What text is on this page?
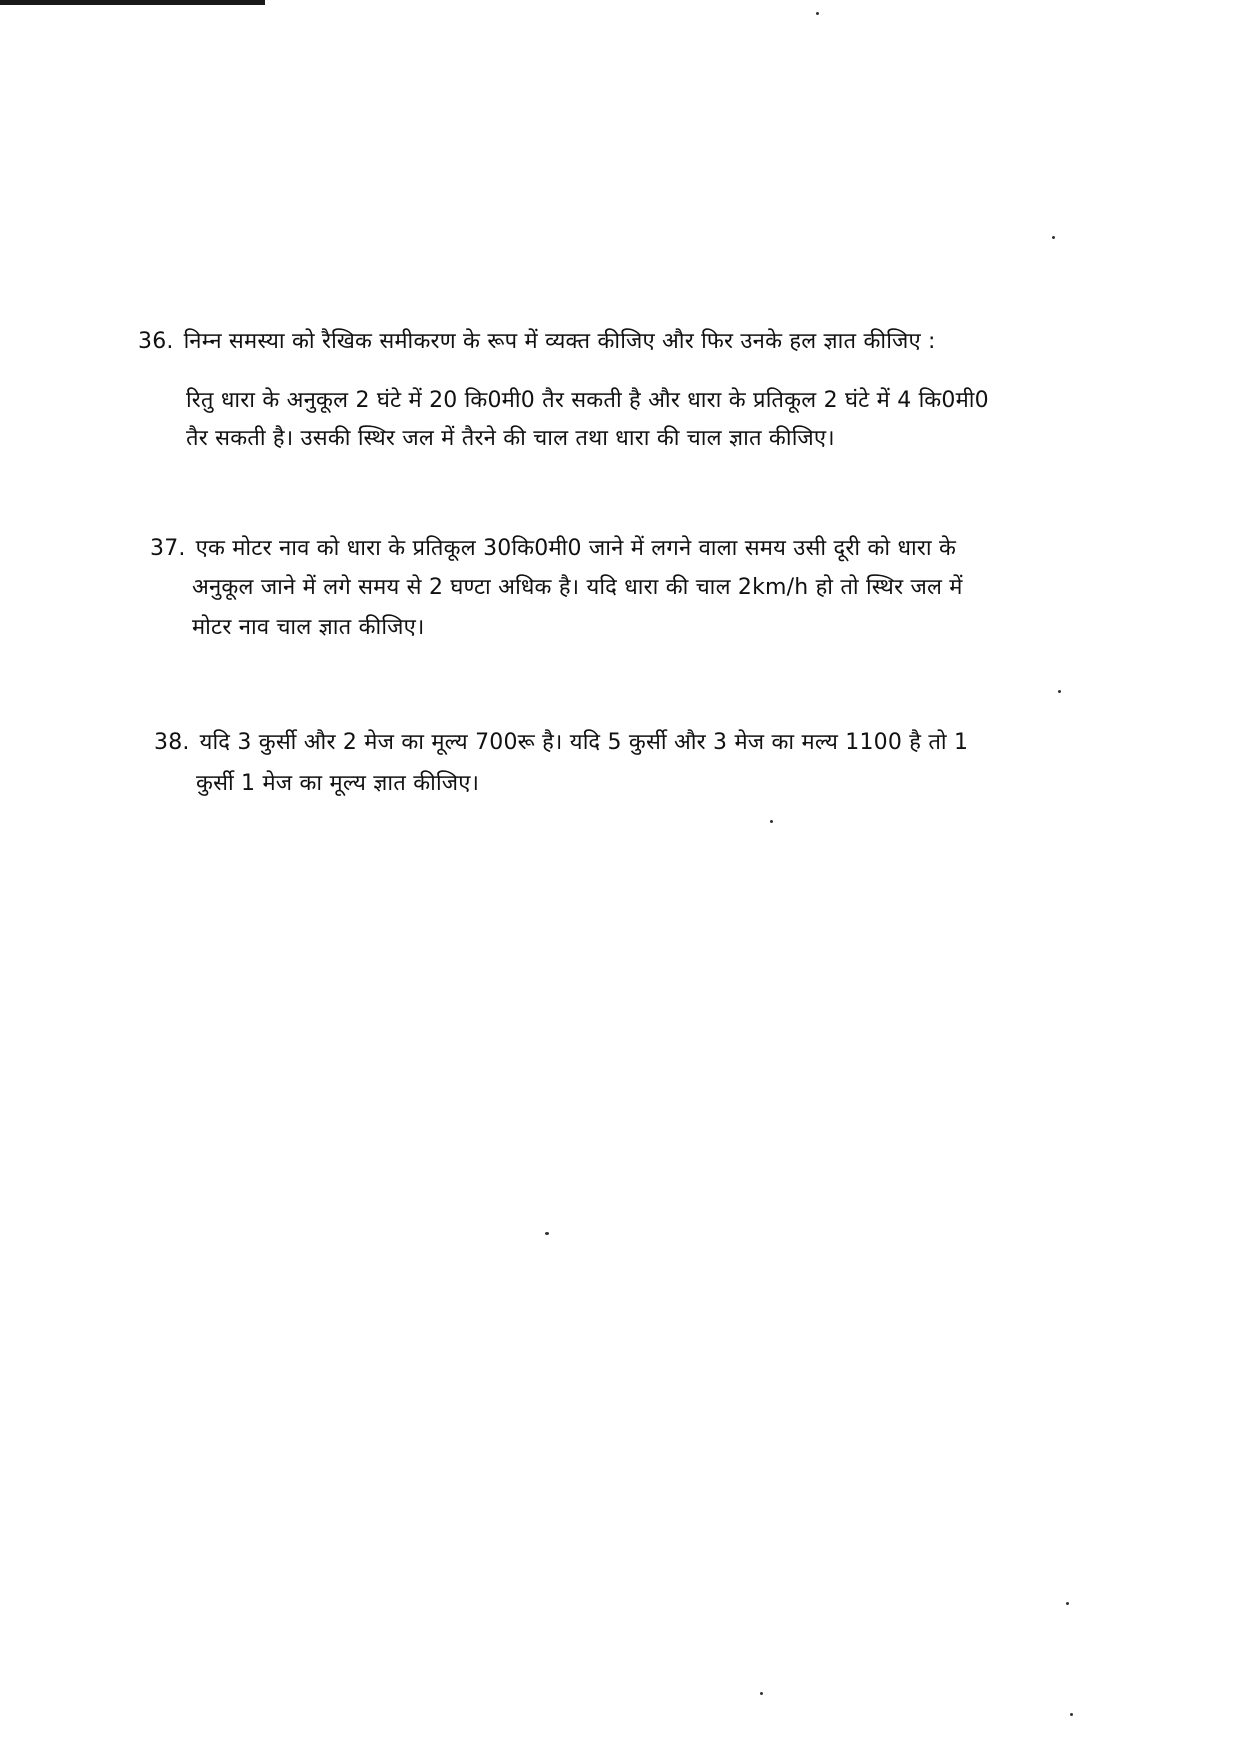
36. निम्न समस्या को रैखिक समीकरण के रूप में व्यक्त कीजिए और फिर उनके हल ज्ञात कीजिए :
रितु धारा के अनुकूल 2 घंटे में 20 कि0मी0 तैर सकती है और धारा के प्रतिकूल 2 घंटे में 4 कि0मी0
तैर सकती है। उसकी स्थिर जल में तैरने की चाल तथा धारा की चाल ज्ञात कीजिए।
37. एक मोटर नाव को धारा के प्रतिकूल 30कि0मी0 जाने में लगने वाला समय उसी दूरी को धारा के
अनुकूल जाने में लगे समय से 2 घण्टा अधिक है। यदि धारा की चाल 2km/h हो तो स्थिर जल में
मोटर नाव चाल ज्ञात कीजिए।
38. यदि 3 कुर्सी और 2 मेज का मूल्य 700रू है। यदि 5 कुर्सी और 3 मेज का मल्य 1100 है तो 1
कुर्सी 1 मेज का मूल्य ज्ञात कीजिए।
